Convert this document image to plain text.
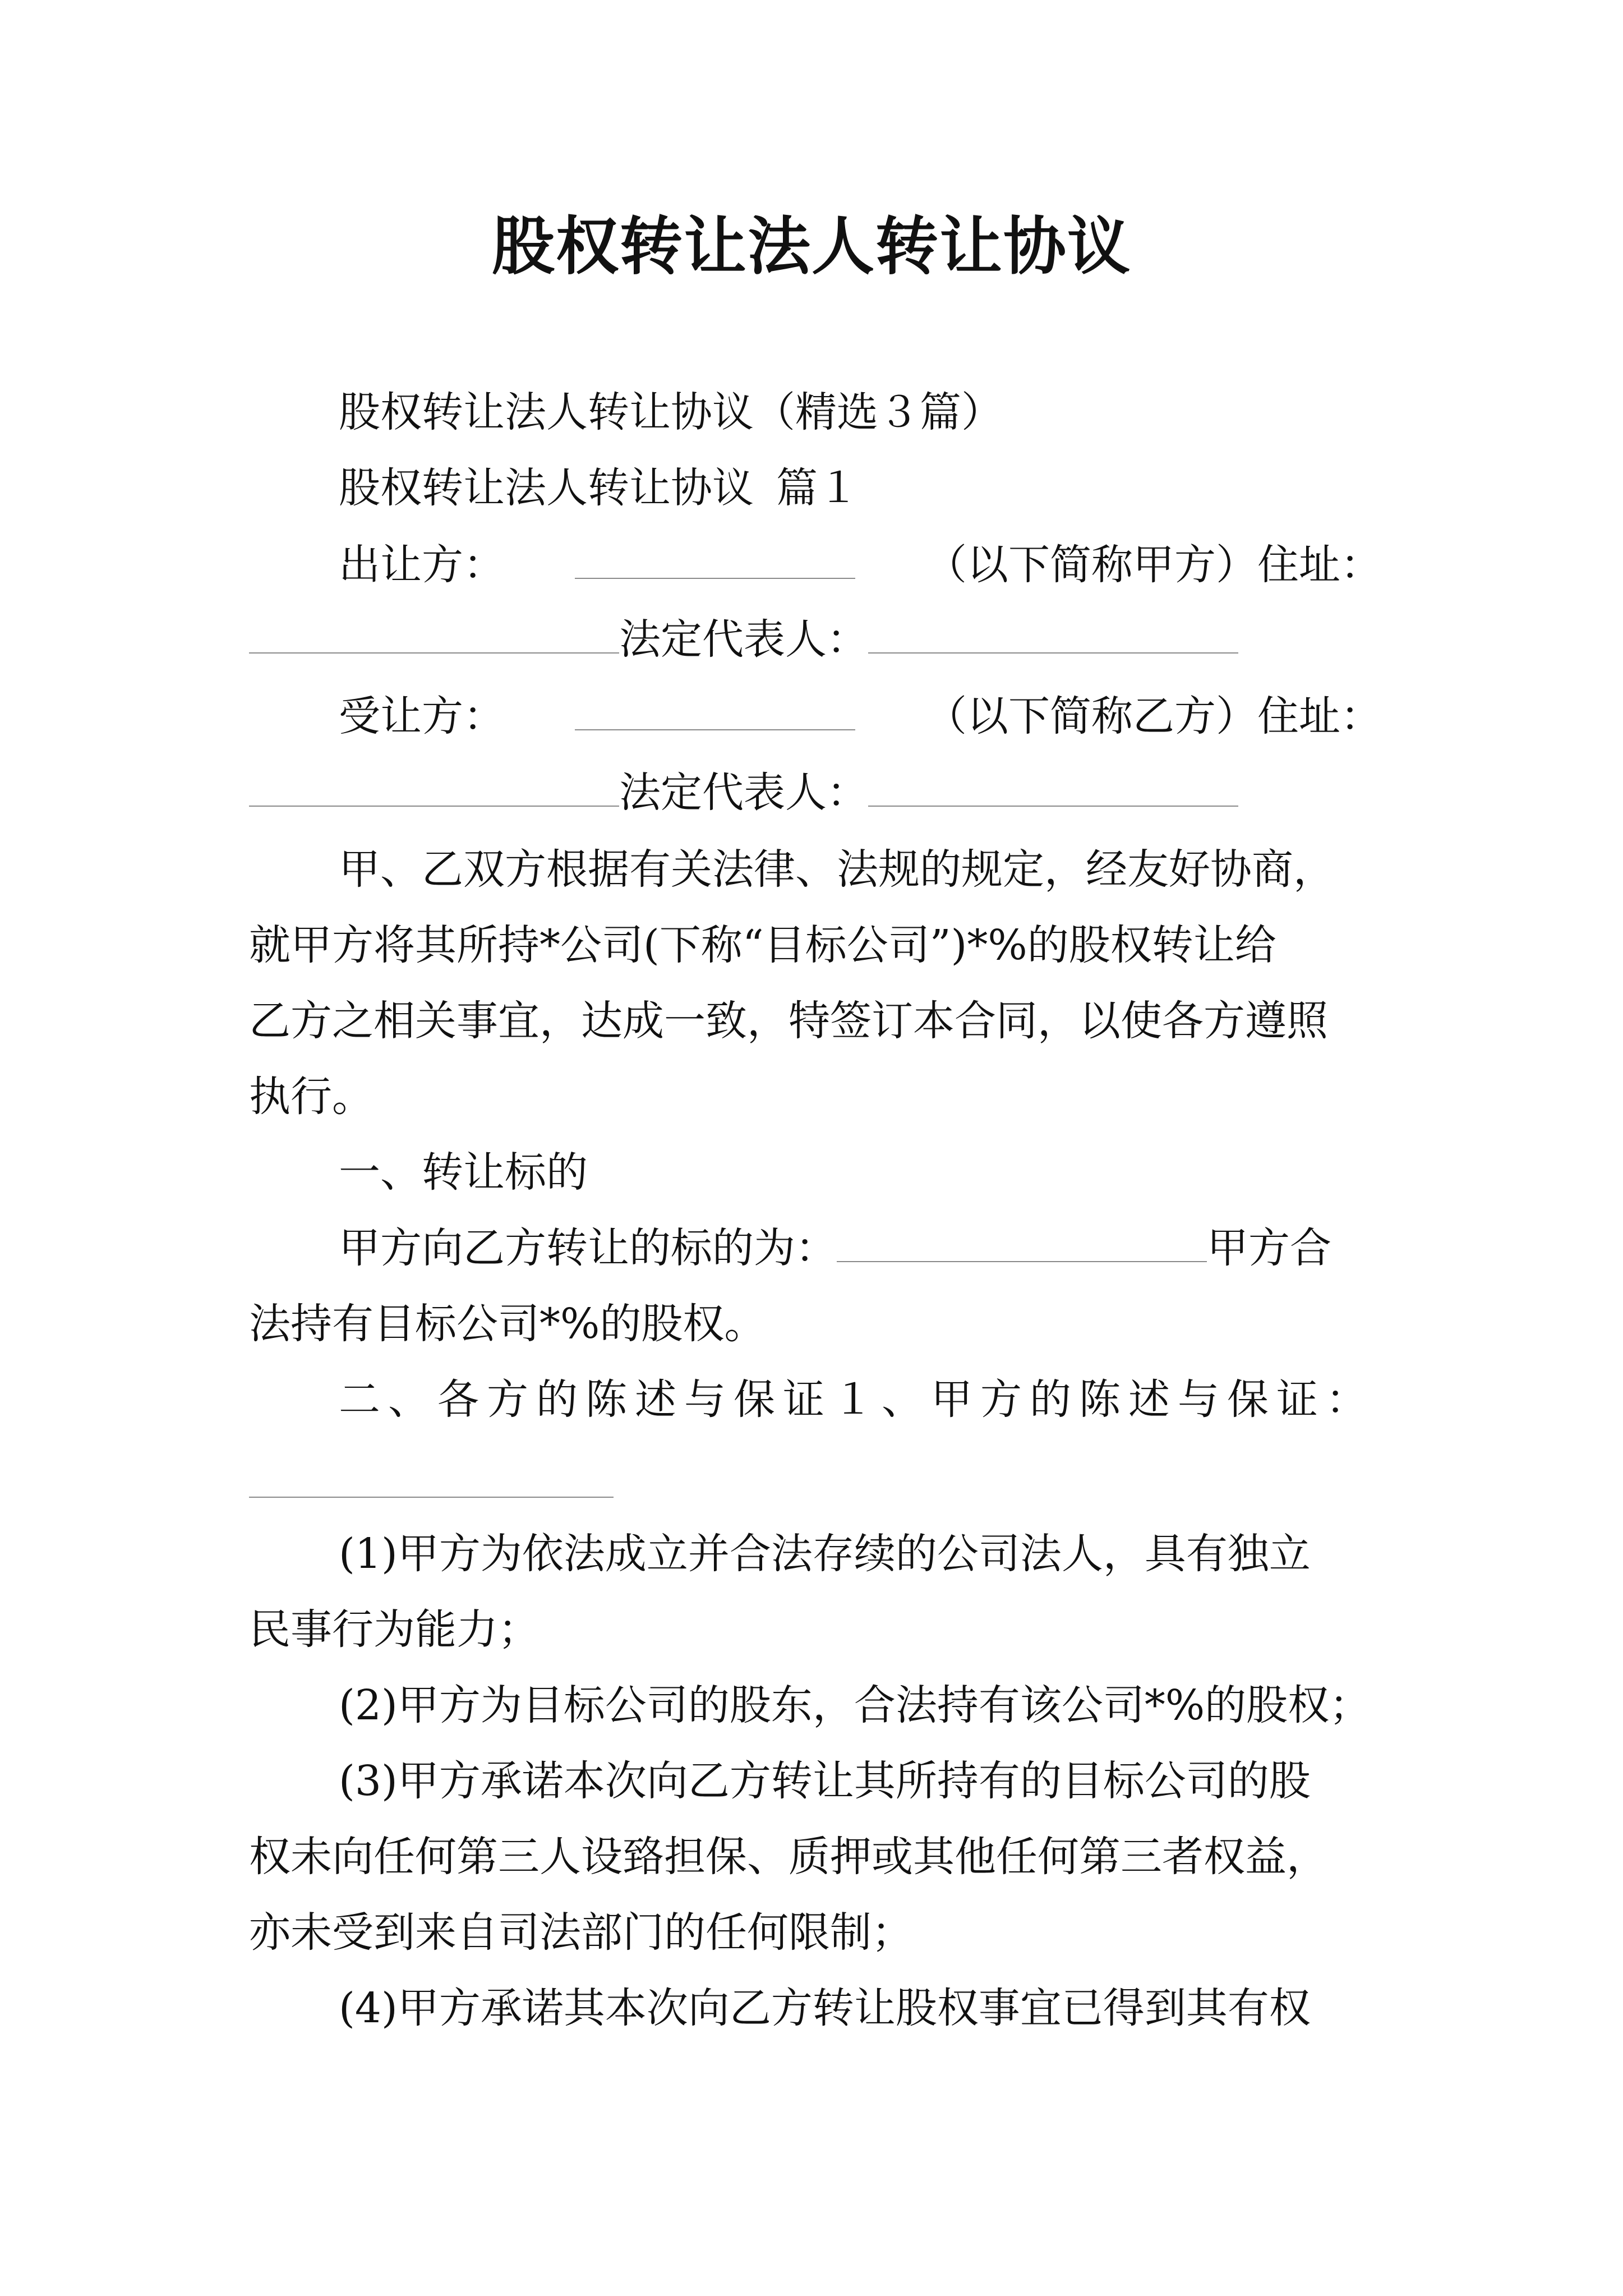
股权转让法人转让协议
股权转让法人转让协议（精选３篇）
股权转让法人转让协议 篇１
出让方：	（以下简称甲方）住址：
法定代表人：
受让方：	（以下简称乙方）住址：
法定代表人：
甲、乙双方根据有关法律、法规的规定，经友好协商，
就甲方将其所持*公司(下称“目标公司”)*%的股权转让给
乙方之相关事宜，达成一致，特签订本合同，以使各方遵照
执行。
一、转让标的
甲方向乙方转让的标的为：	甲方合
法持有目标公司*%的股权。
二、各方的陈述与保证１、甲方的陈述与保证：
(1)甲方为依法成立并合法存续的公司法人，具有独立
民事行为能力；
(2)甲方为目标公司的股东，合法持有该公司*%的股权；
(3)甲方承诺本次向乙方转让其所持有的目标公司的股
权未向任何第三人设臵担保、质押或其他任何第三者权益，
亦未受到来自司法部门的任何限制；
(4)甲方承诺其本次向乙方转让股权事宜已得到其有权
